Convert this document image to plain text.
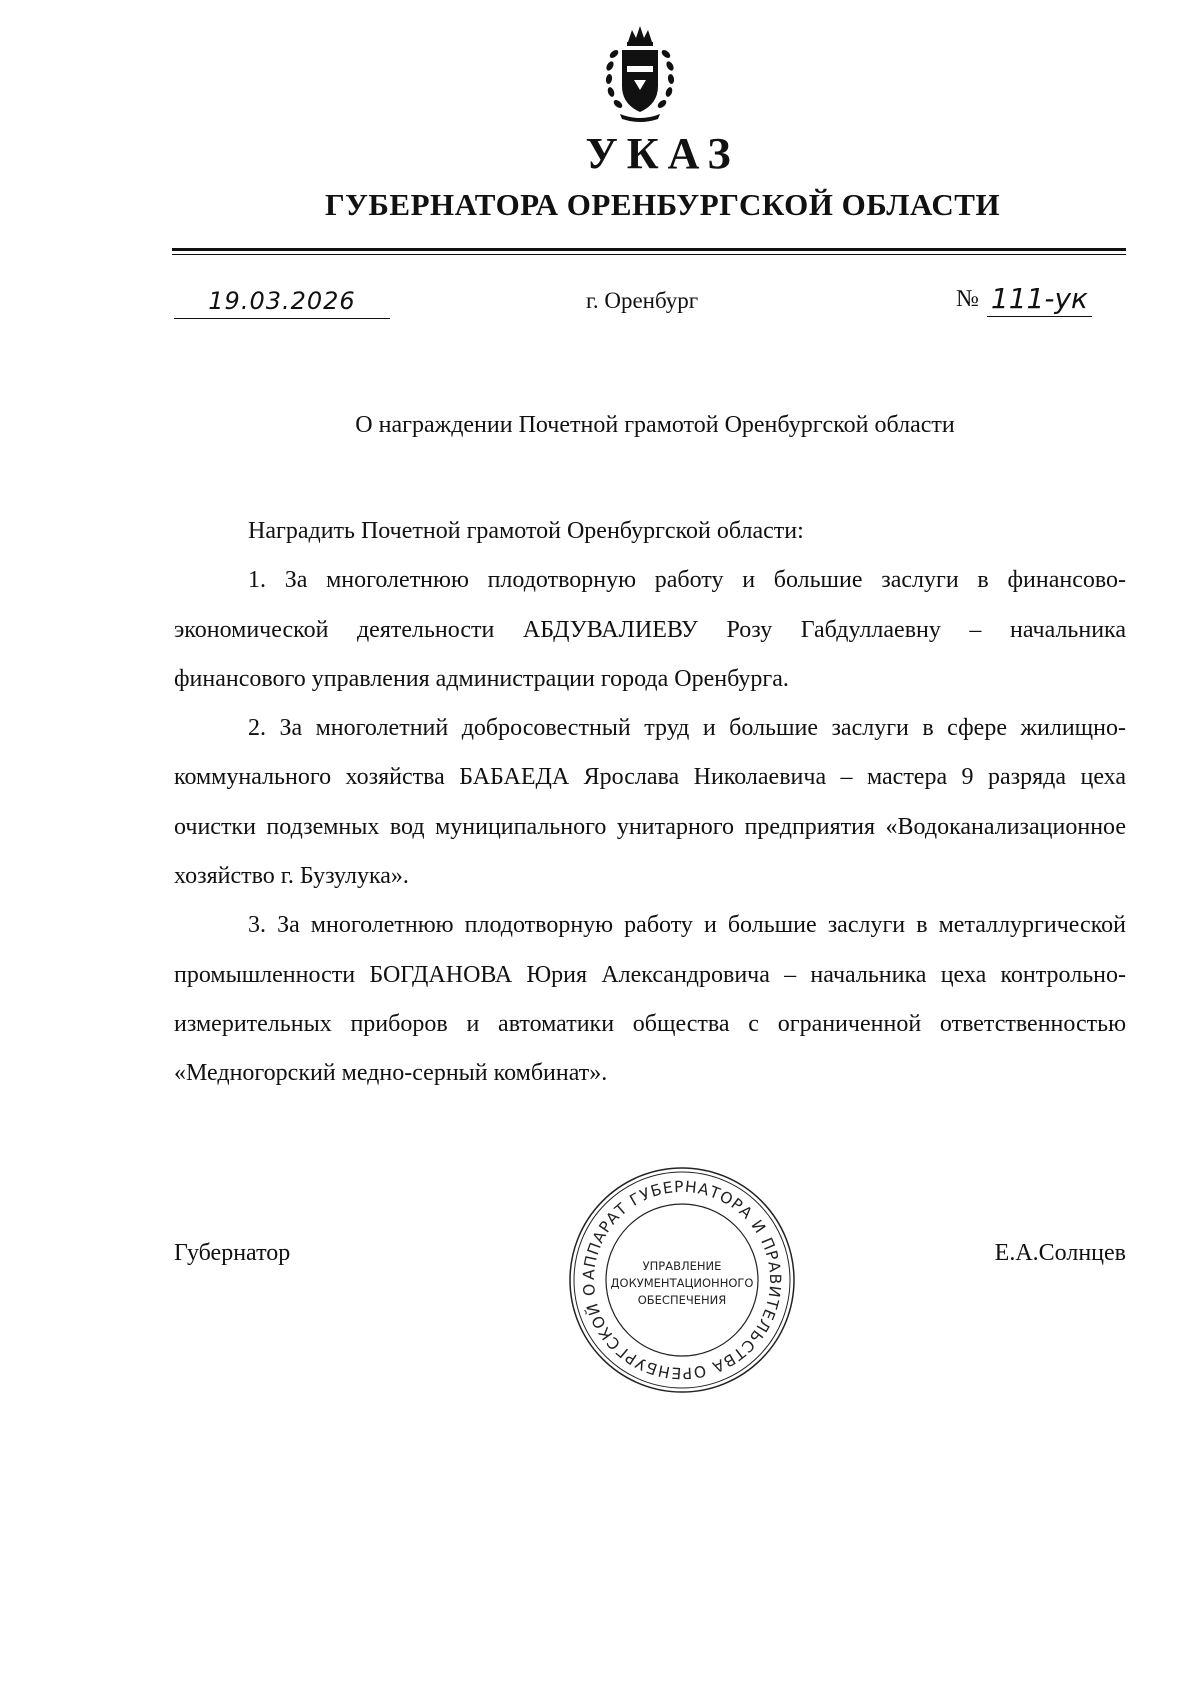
УКАЗ
ГУБЕРНАТОРА ОРЕНБУРГСКОЙ ОБЛАСТИ
19.03.2026	г. Оренбург	№ 111-ук
О награждении Почетной грамотой Оренбургской области

Наградить Почетной грамотой Оренбургской области:

1. За многолетнюю плодотворную работу и большие заслуги в финансово-экономической деятельности АБДУВАЛИЕВУ Розу Габдуллаевну – начальника финансового управления администрации города Оренбурга.

2. За многолетний добросовестный труд и большие заслуги в сфере жилищно-коммунального хозяйства БАБАЕДА Ярослава Николаевича – мастера 9 разряда цеха очистки подземных вод муниципального унитарного предприятия «Водоканализационное хозяйство г. Бузулука».

3. За многолетнюю плодотворную работу и большие заслуги в металлургической промышленности БОГДАНОВА Юрия Александровича – начальника цеха контрольно-измерительных приборов и автоматики общества с ограниченной ответственностью «Медногорский медно-серный комбинат».

Губернатор	Е.А.Солнцев
АППАРАТ ГУБЕРНАТОРА И ПРАВИТЕЛЬСТВА ОРЕНБУРГСКОЙ О
УПРАВЛЕНИЕ
ДОКУМЕНТАЦИОННОГО
ОБЕСПЕЧЕНИЯ
